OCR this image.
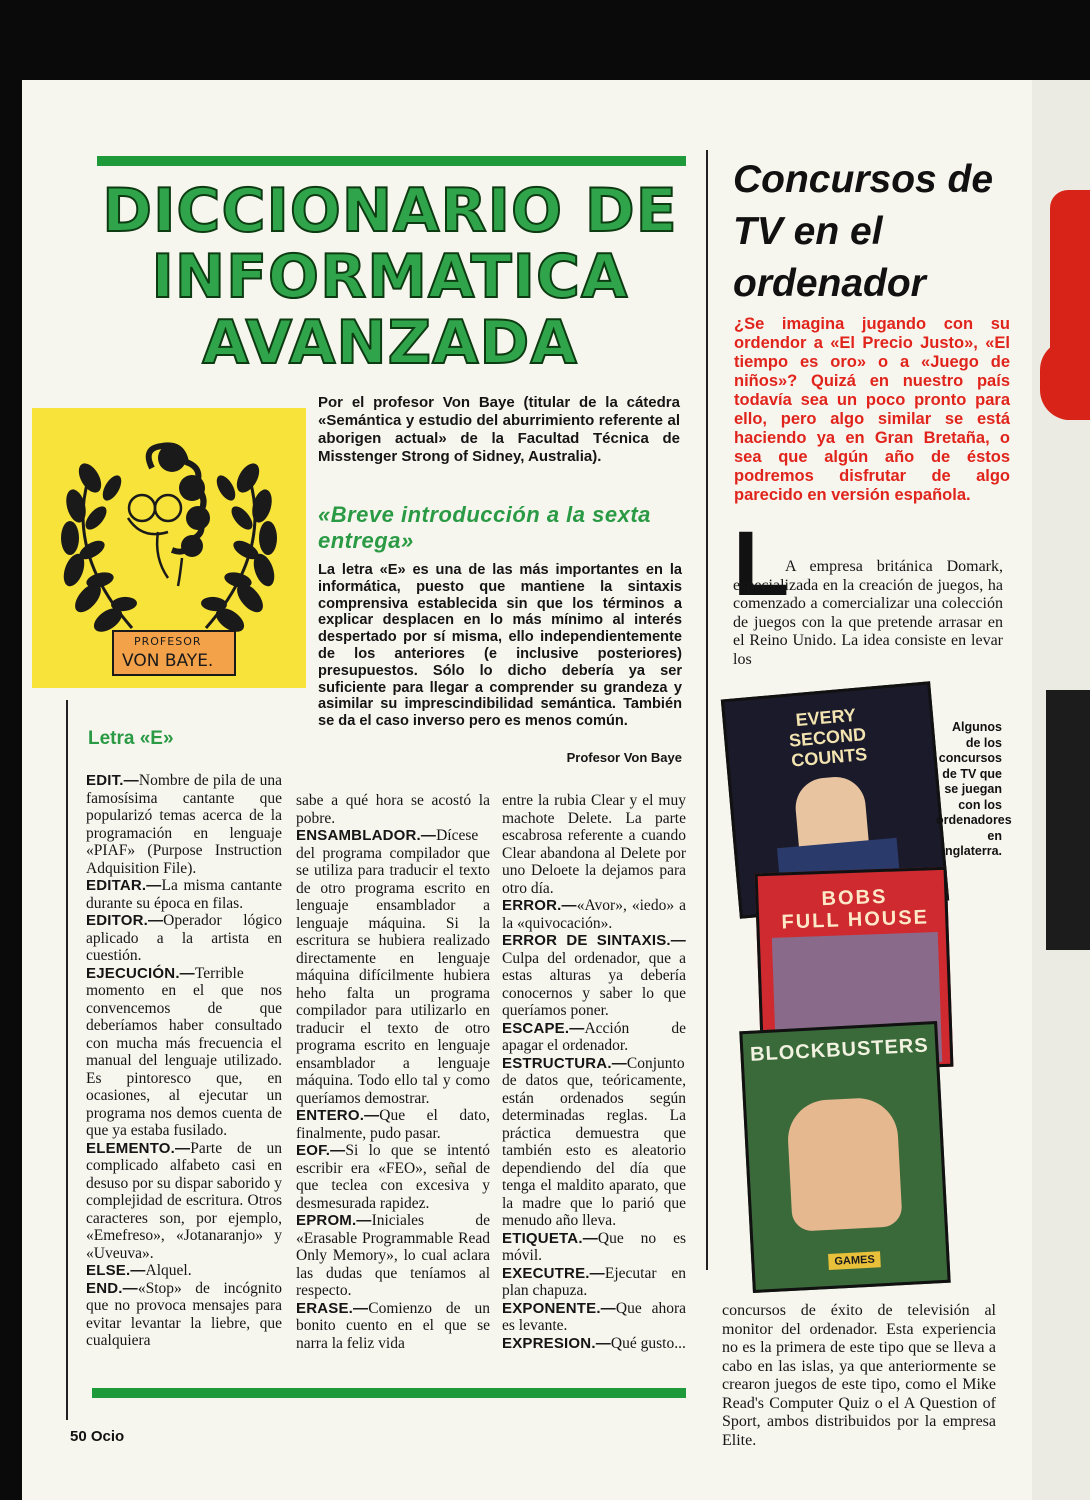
DICCIONARIO DE
INFORMATICA
AVANZADA
PROFESOR
VON BAYE.
Por el profesor Von Baye (titular de la cátedra «Semántica y estudio del aburrimiento referente al aborigen actual» de la Facultad Técnica de Misstenger Strong of Sidney, Australia).
«Breve introducción a la sexta entrega»
La letra «E» es una de las más importantes en la informática, puesto que mantiene la sintaxis comprensiva establecida sin que los términos a explicar desplacen en lo más mínimo al interés despertado por sí misma, ello independientemente de los anteriores (e inclusive posteriores) presupuestos. Sólo lo dicho debería ya ser suficiente para llegar a comprender su grandeza y asimilar su imprescindibilidad semántica. También se da el caso inverso pero es menos común.
Profesor Von Baye
Letra «E»

EDIT.—Nombre de pila de una famosísima cantante que popularizó temas acerca de la programación en lenguaje «PIAF» (Purpose Instruction Adquisition File).

EDITAR.—La misma cantante durante su época en filas.

EDITOR.—Operador lógico aplicado a la artista en cuestión.

EJECUCIÓN.—Terrible momento en el que nos convencemos de que deberíamos haber consultado con mucha más frecuencia el manual del lenguaje utilizado. Es pintoresco que, en ocasiones, al ejecutar un programa nos demos cuenta de que ya estaba fusilado.

ELEMENTO.—Parte de un complicado alfabeto casi en desuso por su dispar saborido y complejidad de escritura. Otros caracteres son, por ejemplo, «Emefreso», «Jotanaranjo» y «Uveuva».

ELSE.—Alquel.

END.—«Stop» de incógnito que no provoca mensajes para evitar levantar la liebre, que cualquiera

sabe a qué hora se acostó la pobre.

ENSAMBLADOR.—Dícese del programa compilador que se utiliza para traducir el texto de otro programa escrito en lenguaje ensamblador a lenguaje máquina. Si la escritura se hubiera realizado directamente en lenguaje máquina difícilmente hubiera heho falta un programa compilador para utilizarlo en traducir el texto de otro programa escrito en lenguaje ensamblador a lenguaje máquina. Todo ello tal y como queríamos demostrar.

ENTERO.—Que el dato, finalmente, pudo pasar.

EOF.—Si lo que se intentó escribir era «FEO», señal de que teclea con excesiva y desmesurada rapidez.

EPROM.—Iniciales de «Erasable Programmable Read Only Memory», lo cual aclara las dudas que teníamos al respecto.

ERASE.—Comienzo de un bonito cuento en el que se narra la feliz vida

entre la rubia Clear y el muy machote Delete. La parte escabrosa referente a cuando Clear abandona al Delete por uno Deloete la dejamos para otro día.

ERROR.—«Avor», «iedo» a la «quivocación».

ERROR DE SINTAXIS.—Culpa del ordenador, que a estas alturas ya debería conocernos y saber lo que queríamos poner.

ESCAPE.—Acción de apagar el ordenador.

ESTRUCTURA.—Conjunto de datos que, teóricamente, están ordenados según determinadas reglas. La práctica demuestra que también esto es aleatorio dependiendo del día que tenga el maldito aparato, que la madre que lo parió que menudo año lleva.

ETIQUETA.—Que no es móvil.

EXECUTRE.—Ejecutar en plan chapuza.

EXPONENTE.—Que ahora es levante.

EXPRESION.—Qué gusto...

Concursos de TV en el ordenador
¿Se imagina jugando con su ordendor a «El Precio Justo», «El tiempo es oro» o a «Juego de niños»? Quizá en nuestro país todavía sea un poco pronto para ello, pero algo similar se está haciendo ya en Gran Bretaña, o sea que algún año de éstos podremos disfrutar de algo parecido en versión española.
L
A empresa británica Domark, especializada en la creación de juegos, ha comenzado a comercializar una colección de juegos con la que pretende arrasar en el Reino Unido. La idea consiste en levar los
EVERY
SECOND
COUNTS
BOBS
FULL HOUSE
BLOCKBUSTERS
GAMES
Algunos de los concursos de TV que se juegan con los ordenadores en Inglaterra.
concursos de éxito de televisión al monitor del ordenador. Esta experiencia no es la primera de este tipo que se lleva a cabo en las islas, ya que anteriormente se crearon juegos de este tipo, como el Mike Read's Computer Quiz o el A Question of Sport, ambos distribuidos por la empresa Elite.
50 Ocio
